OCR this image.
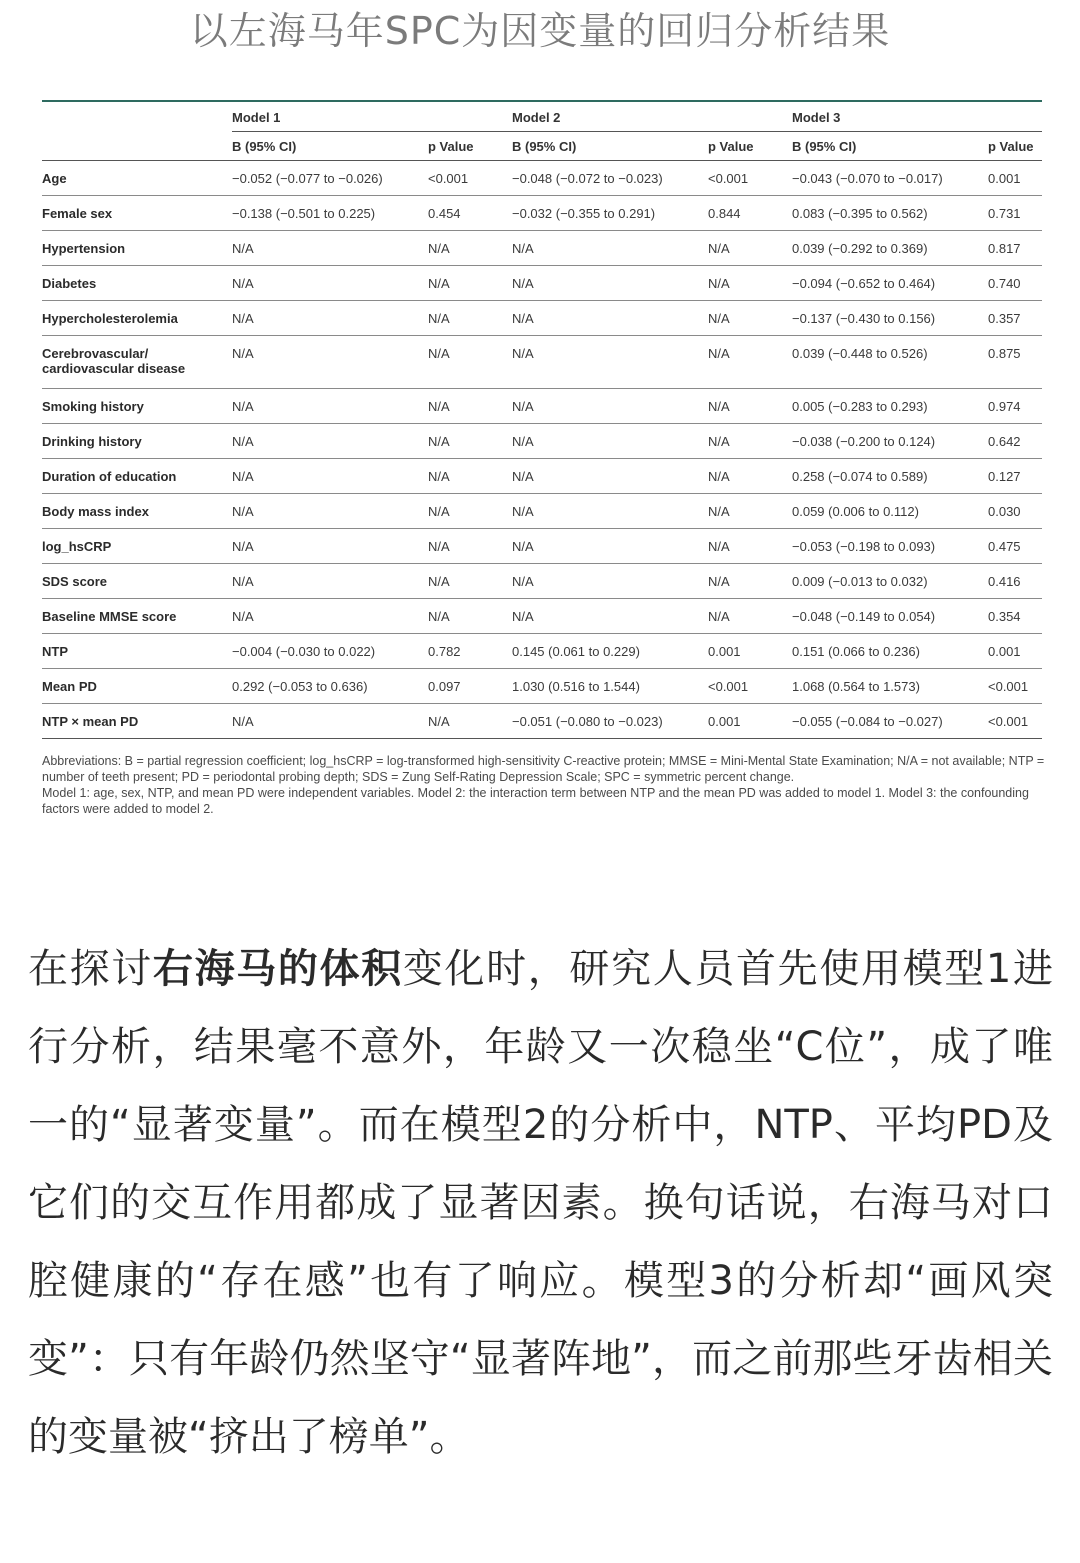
以左海马年SPC为因变量的回归分析结果

	Model 1		Model 2		Model 3	

	B (95% CI)	p Value	B (95% CI)	p Value	B (95% CI)	p Value
Age	−0.052 (−0.077 to −0.026)	<0.001	−0.048 (−0.072 to −0.023)	<0.001	−0.043 (−0.070 to −0.017)	0.001
Female sex	−0.138 (−0.501 to 0.225)	0.454	−0.032 (−0.355 to 0.291)	0.844	0.083 (−0.395 to 0.562)	0.731
Hypertension	N/A	N/A	N/A	N/A	0.039 (−0.292 to 0.369)	0.817
Diabetes	N/A	N/A	N/A	N/A	−0.094 (−0.652 to 0.464)	0.740
Hypercholesterolemia	N/A	N/A	N/A	N/A	−0.137 (−0.430 to 0.156)	0.357
Cerebrovascular/ cardiovascular disease	N/A	N/A	N/A	N/A	0.039 (−0.448 to 0.526)	0.875
Smoking history	N/A	N/A	N/A	N/A	0.005 (−0.283 to 0.293)	0.974
Drinking history	N/A	N/A	N/A	N/A	−0.038 (−0.200 to 0.124)	0.642
Duration of education	N/A	N/A	N/A	N/A	0.258 (−0.074 to 0.589)	0.127
Body mass index	N/A	N/A	N/A	N/A	0.059 (0.006 to 0.112)	0.030
log_hsCRP	N/A	N/A	N/A	N/A	−0.053 (−0.198 to 0.093)	0.475
SDS score	N/A	N/A	N/A	N/A	0.009 (−0.013 to 0.032)	0.416
Baseline MMSE score	N/A	N/A	N/A	N/A	−0.048 (−0.149 to 0.054)	0.354
NTP	−0.004 (−0.030 to 0.022)	0.782	0.145 (0.061 to 0.229)	0.001	0.151 (0.066 to 0.236)	0.001
Mean PD	0.292 (−0.053 to 0.636)	0.097	1.030 (0.516 to 1.544)	<0.001	1.068 (0.564 to 1.573)	<0.001
NTP × mean PD	N/A	N/A	−0.051 (−0.080 to −0.023)	0.001	−0.055 (−0.084 to −0.027)	<0.001

Abbreviations: B = partial regression coefficient; log_hsCRP = log-transformed high-sensitivity C-reactive protein; MMSE = Mini-Mental State Examination; N/A = not available; NTP = number of teeth present; PD = periodontal probing depth; SDS = Zung Self-Rating Depression Scale; SPC = symmetric percent change.

Model 1: age, sex, NTP, and mean PD were independent variables. Model 2: the interaction term between NTP and the mean PD was added to model 1. Model 3: the confounding factors were added to model 2.

在探讨右海马的体积变化时，研究人员首先使用模型1进行分析，结果毫不意外，年龄又一次稳坐“C位”，成了唯一的“显著变量”。而在模型2的分析中，NTP、平均PD及它们的交互作用都成了显著因素。换句话说，右海马对口腔健康的“存在感”也有了响应。模型3的分析却“画风突变”：只有年龄仍然坚守“显著阵地”，而之前那些牙齿相关的变量被“挤出了榜单”。
